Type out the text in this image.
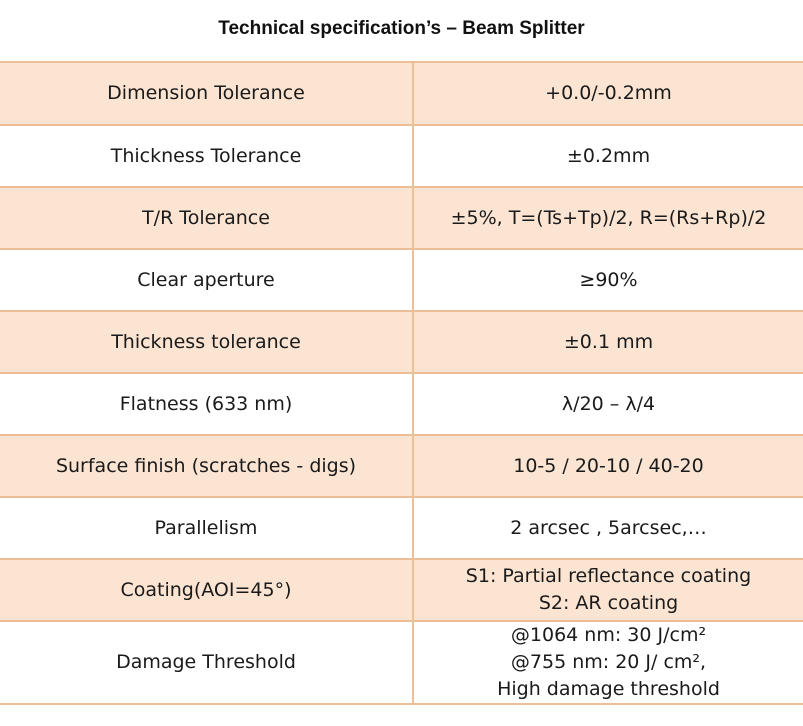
Technical specification’s – Beam Splitter
Dimension Tolerance	+0.0/-0.2mm

Thickness Tolerance	±0.2mm

T/R Tolerance	±5%, T=(Ts+Tp)/2, R=(Rs+Rp)/2

Clear aperture	≥90%

Thickness tolerance	±0.1 mm

Flatness (633 nm)	λ/20 – λ/4

Surface finish (scratches - digs)	10-5 / 20-10 / 40-20

Parallelism	2 arcsec , 5arcsec,…

Coating(AOI=45°)	S1: Partial reflectance coating
S2: AR coating

Damage Threshold	@1064 nm: 30 J/cm²
@755 nm: 20 J/ cm²,
High damage threshold
